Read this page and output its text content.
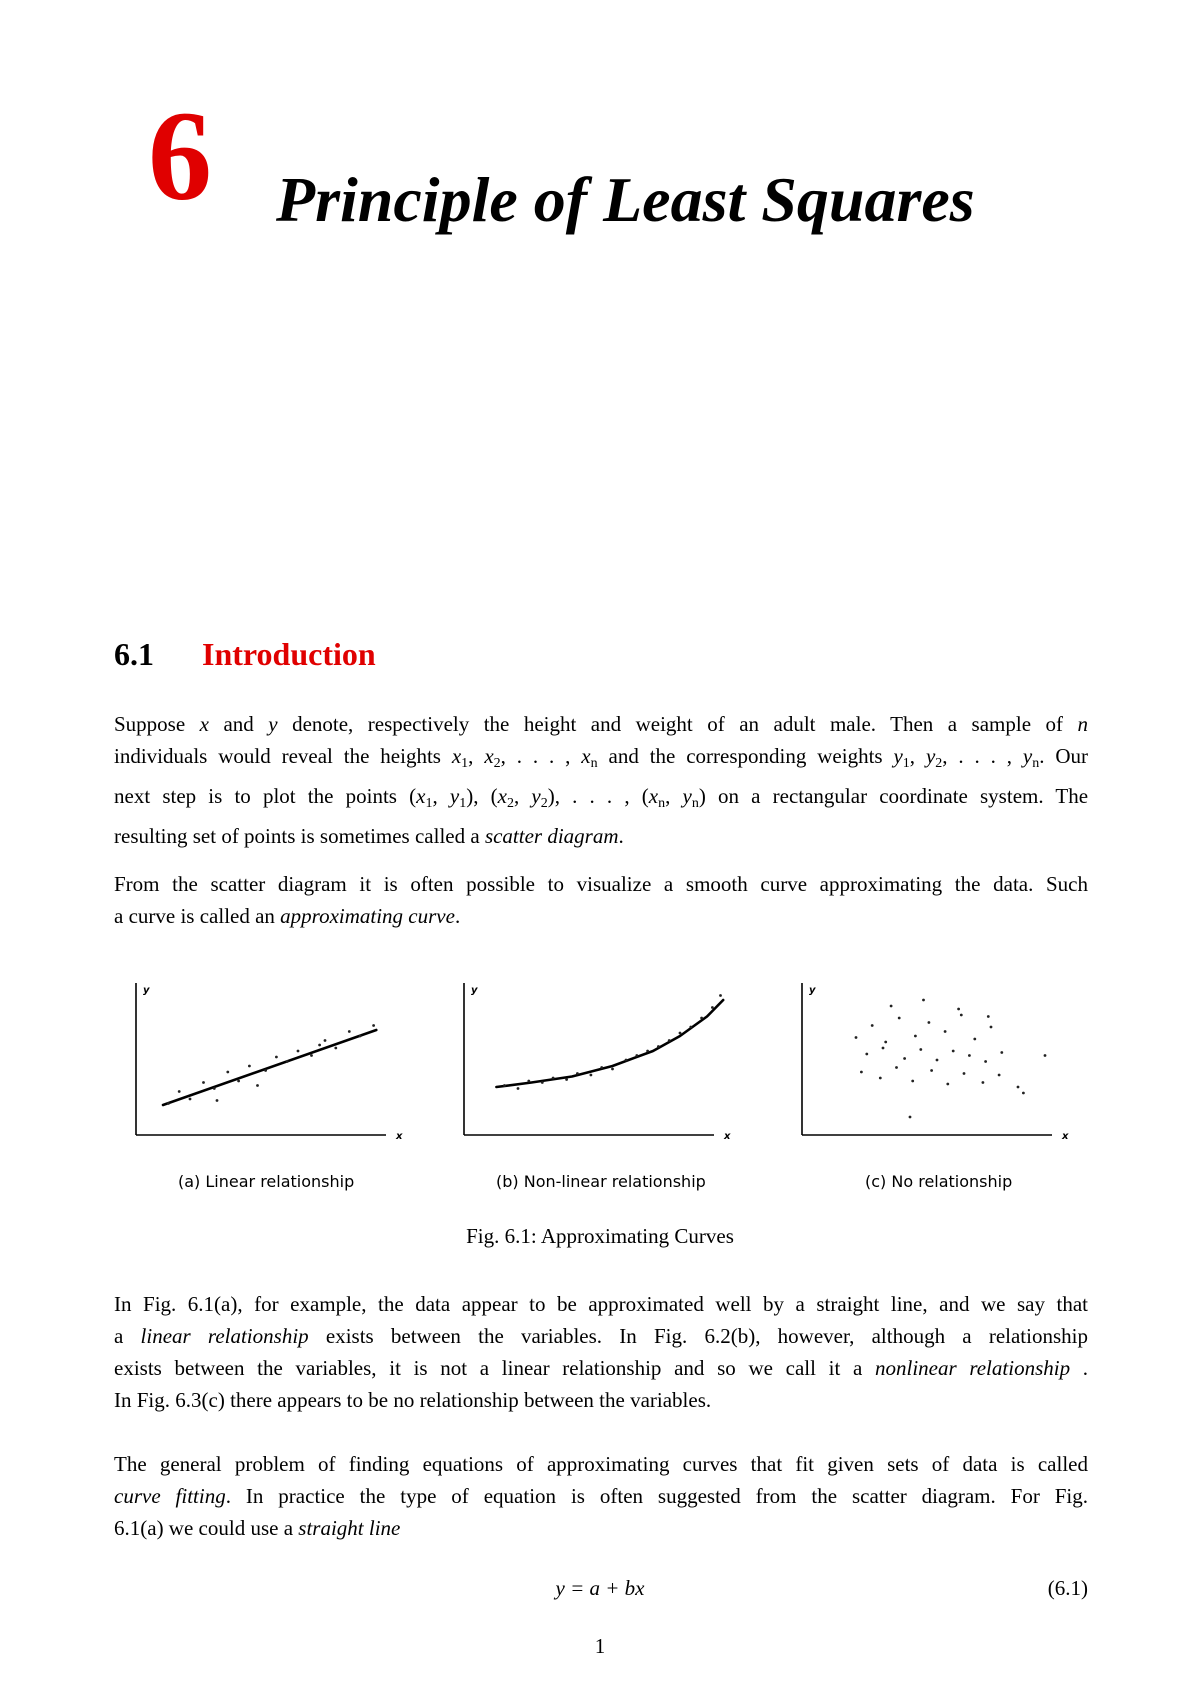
6 Principle of Least Squares
6.1 Introduction
Suppose x and y denote, respectively the height and weight of an adult male. Then a sample of n
individuals would reveal the heights $x_1$, $x_2$, . . . , $x_n$ and the corresponding weights $y_1$, $y_2$, . . . , $y_n$. Our
next step is to plot the points ($x_1$, $y_1$), ($x_2$, $y_2$), . . . , ($x_n$, $y_n$) on a rectangular coordinate system. The
resulting set of points is sometimes called a scatter diagram.
From the scatter diagram it is often possible to visualize a smooth curve approximating the data. Such
a curve is called an approximating curve.
y
x
y
x
y
x
(a) Linear relationship	(b) Non-linear relationship	(c) No relationship
Fig. 6.1: Approximating Curves
In Fig. 6.1(a), for example, the data appear to be approximated well by a straight line, and we say that
a linear relationship exists between the variables. In Fig. 6.2(b), however, although a relationship
exists between the variables, it is not a linear relationship and so we call it a nonlinear relationship .
In Fig. 6.3(c) there appears to be no relationship between the variables.
The general problem of finding equations of approximating curves that fit given sets of data is called
curve fitting. In practice the type of equation is often suggested from the scatter diagram. For Fig.
6.1(a) we could use a straight line
y = a + bx	(6.1)
1
